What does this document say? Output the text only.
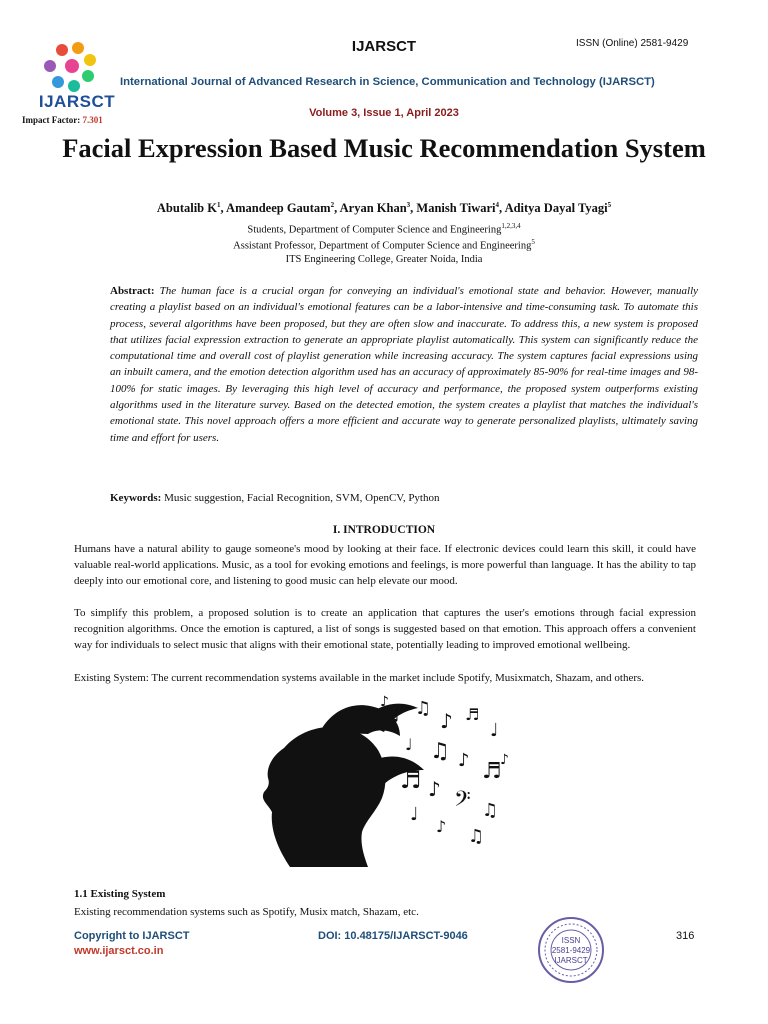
IJARSCT
Impact Factor: 7.301
IJARSCT	ISSN (Online) 2581-9429
International Journal of Advanced Research in Science, Communication and Technology (IJARSCT)
Volume 3, Issue 1, April 2023
Facial Expression Based Music Recommendation System
Abutalib $K^1$, Amandeep Gautam$^2$, Aryan Khan$^3$, Manish Tiwari$^4$, Aditya Dayal Tyagi$^5$
Students, Department of Computer Science and Engineering$^{1,2,3,4}$
Assistant Professor, Department of Computer Science and Engineering$^5$
ITS Engineering College, Greater Noida, India
Abstract: The human face is a crucial organ for conveying an individual's emotional state and behavior. However, manually creating a playlist based on an individual's emotional features can be a labor-intensive and time-consuming task. To automate this process, several algorithms have been proposed, but they are often slow and inaccurate. To address this, a new system is proposed that utilizes facial expression extraction to generate an appropriate playlist automatically. This system can significantly reduce the computational time and overall cost of playlist generation while increasing accuracy. The system captures facial expressions using an inbuilt camera, and the emotion detection algorithm used has an accuracy of approximately 85-90% for real-time images and 98-100% for static images. By leveraging this high level of accuracy and performance, the proposed system outperforms existing algorithms used in the literature survey. Based on the detected emotion, the system creates a playlist that matches the individual's emotional state. This novel approach offers a more efficient and accurate way to generate personalized playlists, ultimately saving time and effort for users.
Keywords: Music suggestion, Facial Recognition, SVM, OpenCV, Python
I. INTRODUCTION
Humans have a natural ability to gauge someone's mood by looking at their face. If electronic devices could learn this skill, it could have valuable real-world applications. Music, as a tool for evoking emotions and feelings, is more powerful than language. It has the ability to tap deeply into our emotional core, and listening to good music can help elevate our mood.
To simplify this problem, a proposed solution is to create an application that captures the user's emotions through facial expression recognition algorithms. Once the emotion is captured, a list of songs is suggested based on that emotion. This approach offers a convenient way for individuals to select music that aligns with their emotional state, potentially leading to improved emotional wellbeing.
Existing System: The current recommendation systems available in the market include Spotify, Musixmatch, Shazam, and others.
♪ ♫
♪ ♬
♩
♩ ♫ ♪ ♬
♬ ♪ 𝄢 ♫
♩
♪ ♫
♪
♪
1.1 Existing System
Existing recommendation systems such as Spotify, Musix match, Shazam, etc.
Copyright to IJARSCT
www.ijarsct.co.in
DOI: 10.48175/IJARSCT-9046	316
ISSN
2581-9429
IJARSCT
